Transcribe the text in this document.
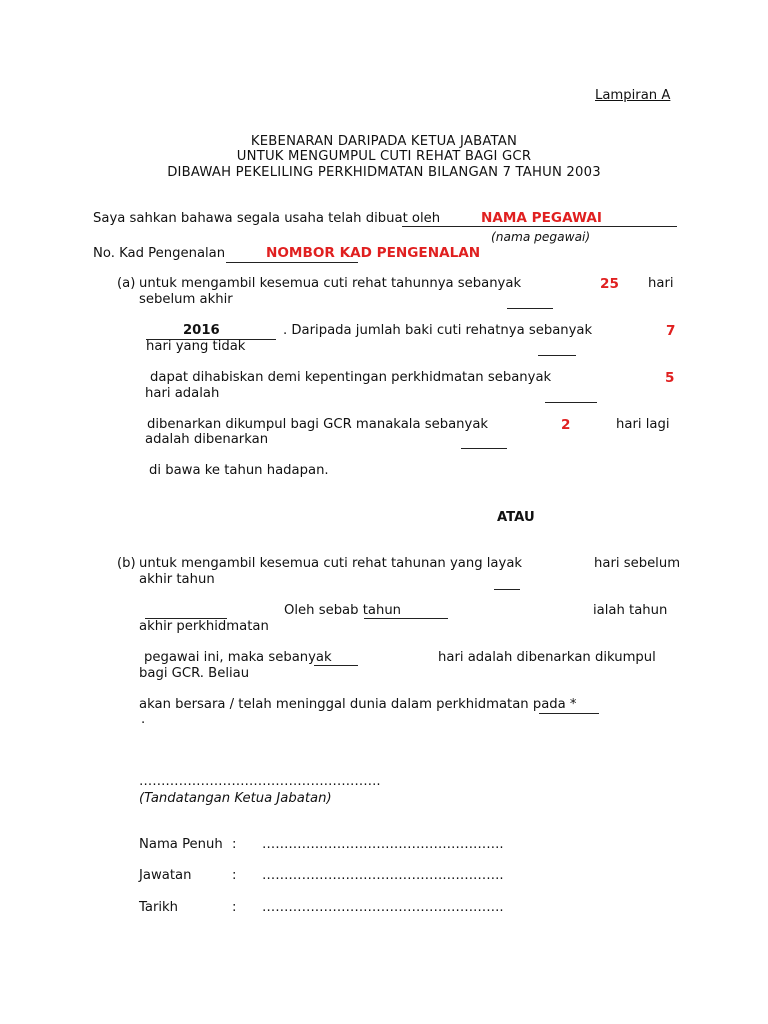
Lampiran A
KEBENARAN DARIPADA KETUA JABATAN
UNTUK MENGUMPUL CUTI REHAT BAGI GCR
DIBAWAH PEKELILING PERKHIDMATAN BILANGAN 7 TAHUN 2003
Saya sahkan bahawa segala usaha telah dibuat oleh	NAMA PEGAWAI
(nama pegawai)
No. Kad Pengenalan	NOMBOR KAD PENGENALAN
(a) untuk mengambil kesemua cuti rehat tahunnya sebanyak	25 hari
sebelum akhir
2016	. Daripada jumlah baki cuti rehatnya sebanyak	7
hari yang tidak
dapat dihabiskan demi kepentingan perkhidmatan sebanyak	5
hari adalah
dibenarkan dikumpul bagi GCR manakala sebanyak	2	hari lagi
adalah dibenarkan
di bawa ke tahun hadapan.
ATAU
(b) untuk mengambil kesemua cuti rehat tahunan yang layak	hari sebelum
akhir tahun
Oleh sebab tahun	ialah tahun
akhir perkhidmatan
pegawai ini, maka sebanyak	hari adalah dibenarkan dikumpul
bagi GCR. Beliau
akan bersara / telah meninggal dunia dalam perkhidmatan pada *
.
……………………………………………….
(Tandatangan Ketua Jabatan)
Nama Penuh : ……………………………………………….
Jawatan	: ……………………………………………….
Tarikh	: ……………………………………………….
